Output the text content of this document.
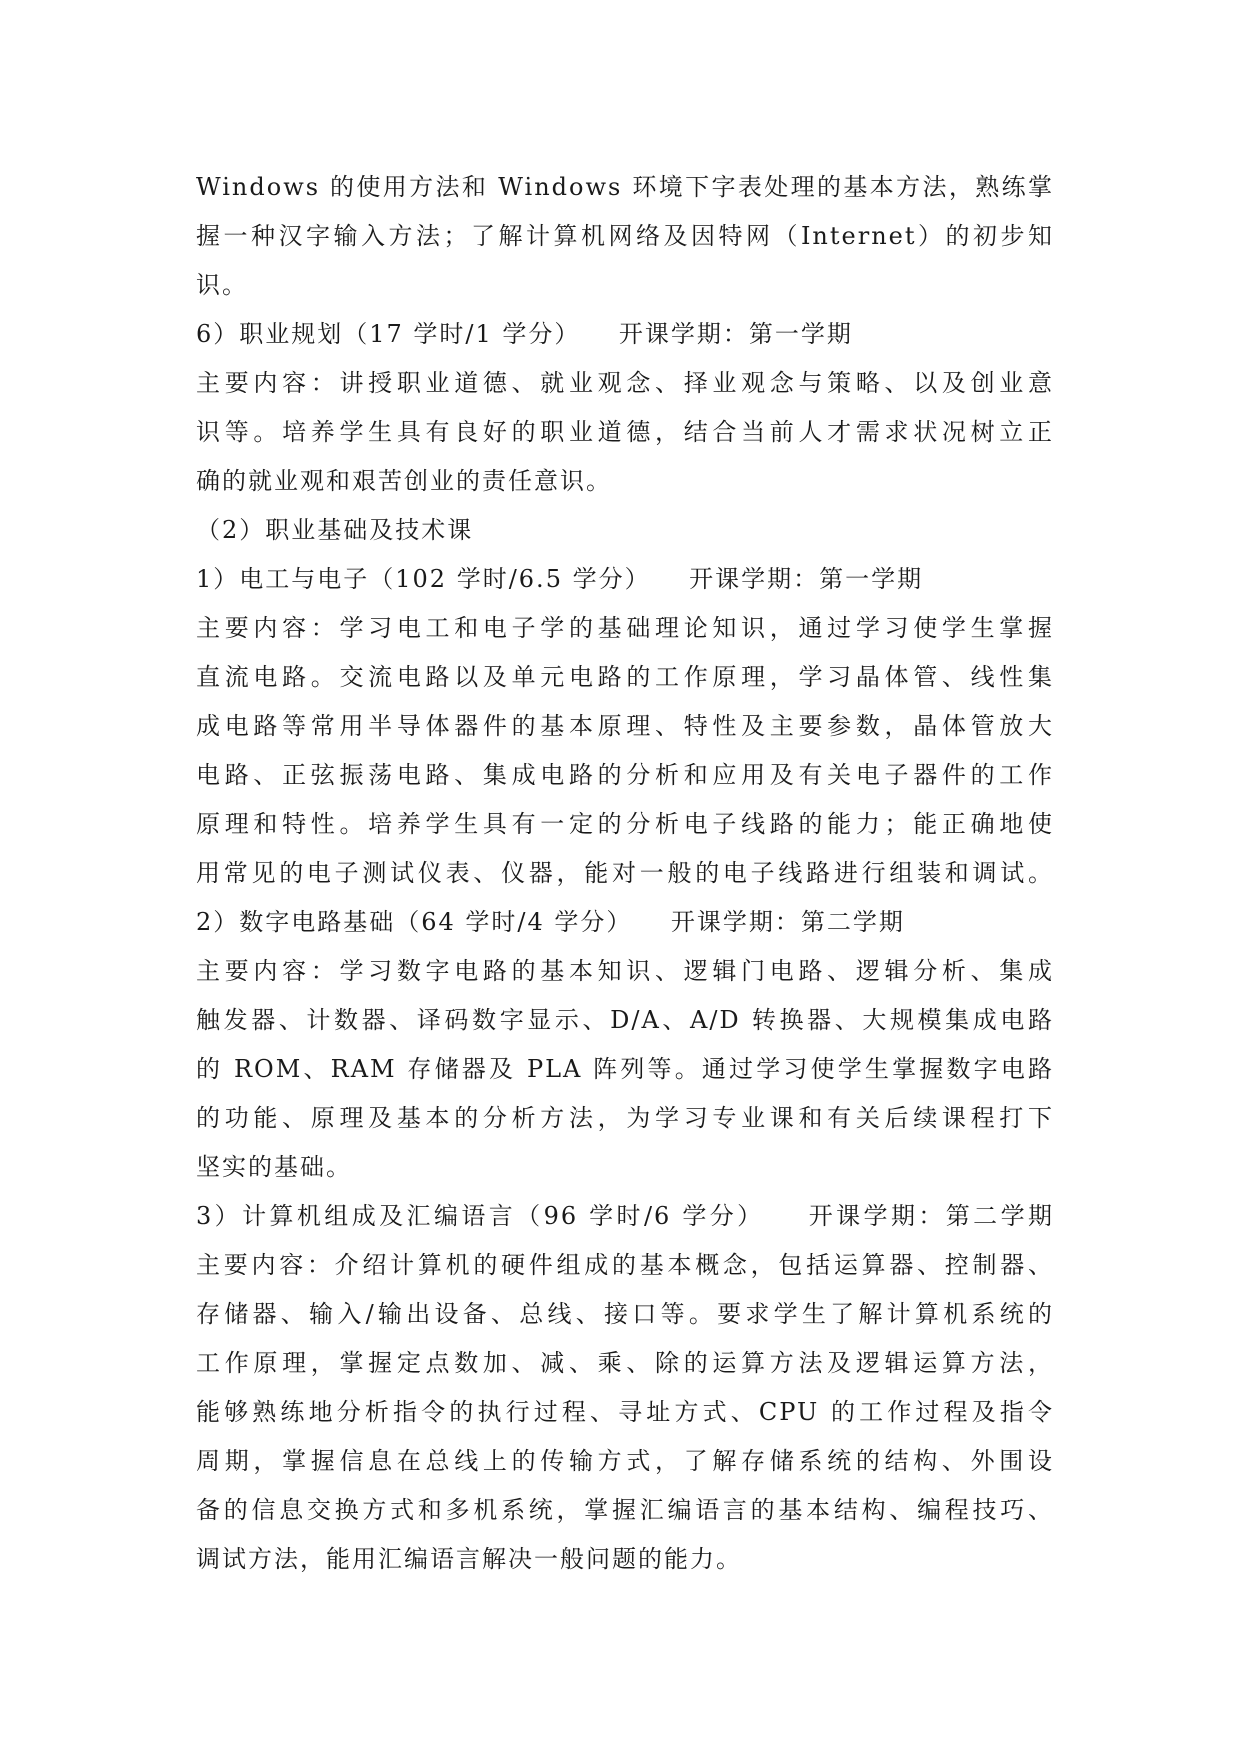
Windows 的使用方法和 Windows 环境下字表处理的基本方法，熟练掌
握一种汉字输入方法；了解计算机网络及因特网（Internet）的初步知
识。
6）职业规划（17 学时/1 学分）    开课学期：第一学期
主要内容：讲授职业道德、就业观念、择业观念与策略、以及创业意
识等。培养学生具有良好的职业道德，结合当前人才需求状况树立正
确的就业观和艰苦创业的责任意识。
（2）职业基础及技术课
1）电工与电子（102 学时/6.5 学分）    开课学期：第一学期
主要内容：学习电工和电子学的基础理论知识，通过学习使学生掌握
直流电路。交流电路以及单元电路的工作原理，学习晶体管、线性集
成电路等常用半导体器件的基本原理、特性及主要参数，晶体管放大
电路、正弦振荡电路、集成电路的分析和应用及有关电子器件的工作
原理和特性。培养学生具有一定的分析电子线路的能力；能正确地使
用常见的电子测试仪表、仪器，能对一般的电子线路进行组装和调试。
2）数字电路基础（64 学时/4 学分）    开课学期：第二学期
主要内容：学习数字电路的基本知识、逻辑门电路、逻辑分析、集成
触发器、计数器、译码数字显示、D/A、A/D 转换器、大规模集成电路
的 ROM、RAM 存储器及 PLA 阵列等。通过学习使学生掌握数字电路
的功能、原理及基本的分析方法，为学习专业课和有关后续课程打下
坚实的基础。
3）计算机组成及汇编语言（96 学时/6 学分）    开课学期：第二学期
主要内容：介绍计算机的硬件组成的基本概念，包括运算器、控制器、
存储器、输入/输出设备、总线、接口等。要求学生了解计算机系统的
工作原理，掌握定点数加、减、乘、除的运算方法及逻辑运算方法，
能够熟练地分析指令的执行过程、寻址方式、CPU 的工作过程及指令
周期，掌握信息在总线上的传输方式，了解存储系统的结构、外围设
备的信息交换方式和多机系统，掌握汇编语言的基本结构、编程技巧、
调试方法，能用汇编语言解决一般问题的能力。
